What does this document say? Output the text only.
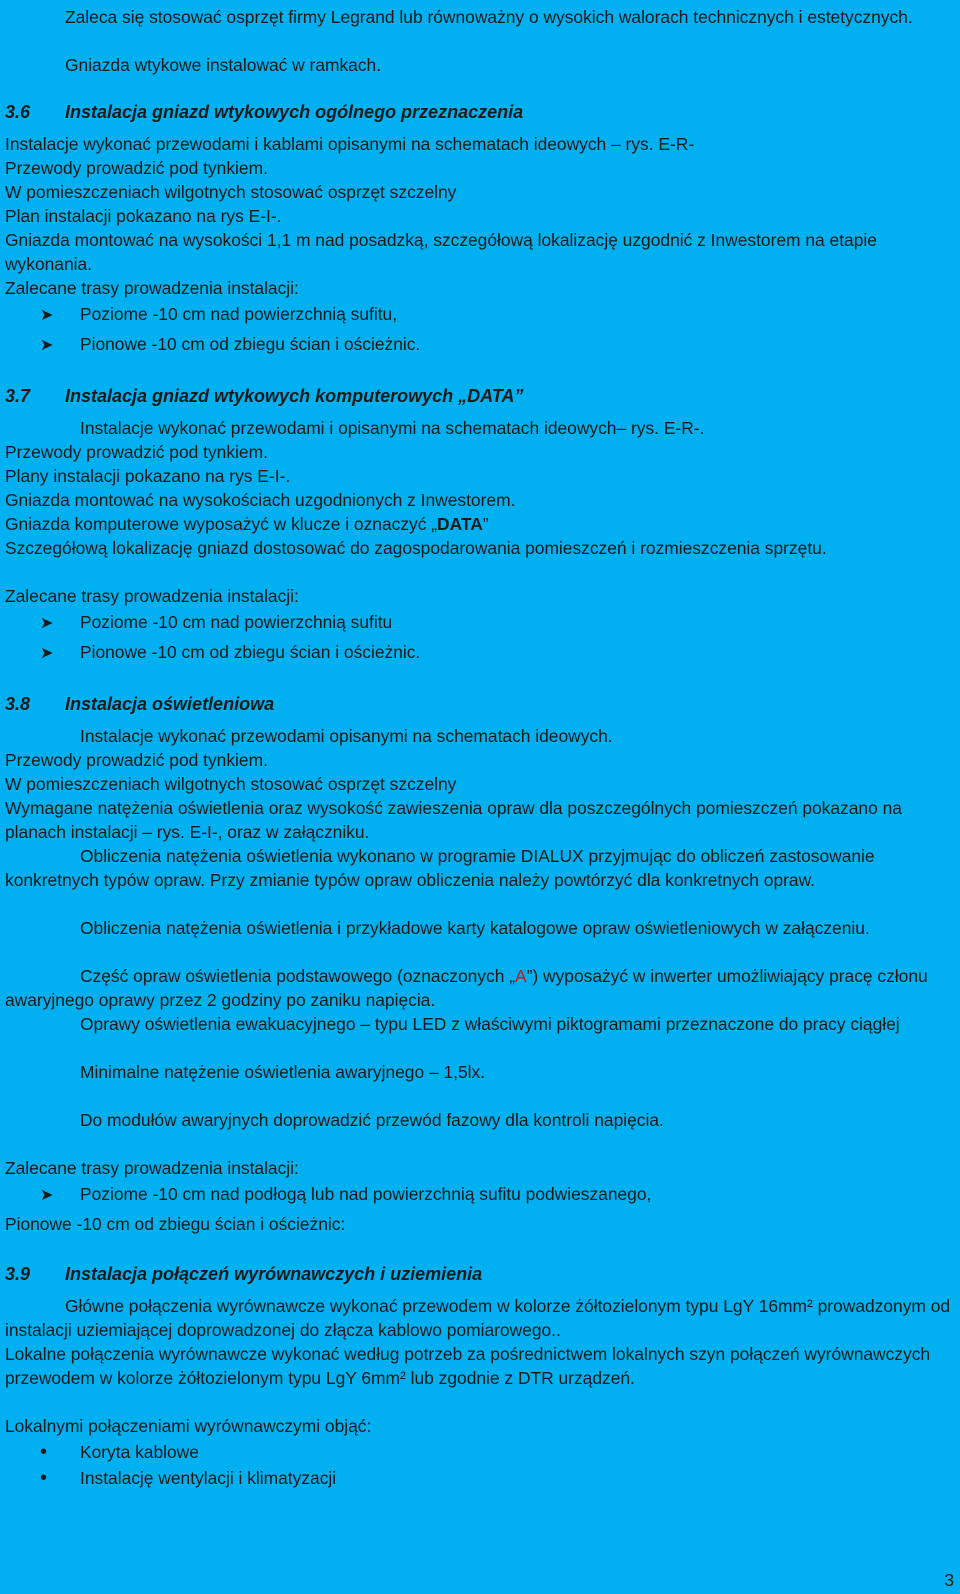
Zaleca się stosować osprzęt firmy Legrand lub równoważny o wysokich walorach technicznych i estetycznych.

Gniazda wtykowe instalować w ramkach.

3.6 Instalacja gniazd wtykowych ogólnego przeznaczenia

Instalacje wykonać przewodami i kablami opisanymi na schematach ideowych – rys. E-R-

Przewody prowadzić pod tynkiem.

W pomieszczeniach wilgotnych stosować osprzęt szczelny

Plan instalacji pokazano na rys E-I-.

Gniazda montować na wysokości 1,1 m nad posadzką, szczegółową lokalizację uzgodnić z Inwestorem na etapie wykonania.

Zalecane trasy prowadzenia instalacji:

➤ Poziome -10 cm nad powierzchnią sufitu,

➤ Pionowe -10 cm od zbiegu ścian i ościeżnic.

3.7 Instalacja gniazd wtykowych komputerowych „DATA”

Instalacje wykonać przewodami i opisanymi na schematach ideowych– rys. E-R-.

Przewody prowadzić pod tynkiem.

Plany instalacji pokazano na rys E-I-.

Gniazda montować na wysokościach uzgodnionych z Inwestorem.

Gniazda komputerowe wyposażyć w klucze i oznaczyć „DATA”

Szczegółową lokalizację gniazd dostosować do zagospodarowania pomieszczeń i rozmieszczenia sprzętu.

Zalecane trasy prowadzenia instalacji:

➤ Poziome -10 cm nad powierzchnią sufitu

➤ Pionowe -10 cm od zbiegu ścian i ościeżnic.

3.8 Instalacja oświetleniowa

Instalacje wykonać przewodami opisanymi na schematach ideowych.

Przewody prowadzić pod tynkiem.

W pomieszczeniach wilgotnych stosować osprzęt szczelny

Wymagane natężenia oświetlenia oraz wysokość zawieszenia opraw dla poszczególnych pomieszczeń pokazano na planach instalacji – rys. E-I-, oraz w załączniku.

Obliczenia natężenia oświetlenia wykonano w programie DIALUX przyjmując do obliczeń zastosowanie konkretnych typów opraw. Przy zmianie typów opraw obliczenia należy powtórzyć dla konkretnych opraw.

Obliczenia natężenia oświetlenia i przykładowe karty katalogowe opraw oświetleniowych w załączeniu.

Część opraw oświetlenia podstawowego (oznaczonych „A”) wyposażyć w inwerter umożliwiający pracę członu awaryjnego oprawy przez 2 godziny po zaniku napięcia.

Oprawy oświetlenia ewakuacyjnego – typu LED z właściwymi piktogramami przeznaczone do pracy ciągłej

Minimalne natężenie oświetlenia awaryjnego – 1,5lx.

Do modułów awaryjnych doprowadzić przewód fazowy dla kontroli napięcia.

Zalecane trasy prowadzenia instalacji:

➤ Poziome -10 cm nad podłogą lub nad powierzchnią sufitu podwieszanego,

Pionowe -10 cm od zbiegu ścian i ościeżnic:

3.9 Instalacja połączeń wyrównawczych i uziemienia

Główne połączenia wyrównawcze wykonać przewodem w kolorze żółtozielonym typu LgY 16mm² prowadzonym od instalacji uziemiającej doprowadzonej do złącza kablowo pomiarowego..

Lokalne połączenia wyrównawcze wykonać według potrzeb za pośrednictwem lokalnych szyn połączeń wyrównawczych przewodem w kolorze żółtozielonym typu LgY 6mm² lub zgodnie z DTR urządzeń.

Lokalnymi połączeniami wyrównawczymi objąć:

• Koryta kablowe

• Instalację wentylacji i klimatyzacji

3
